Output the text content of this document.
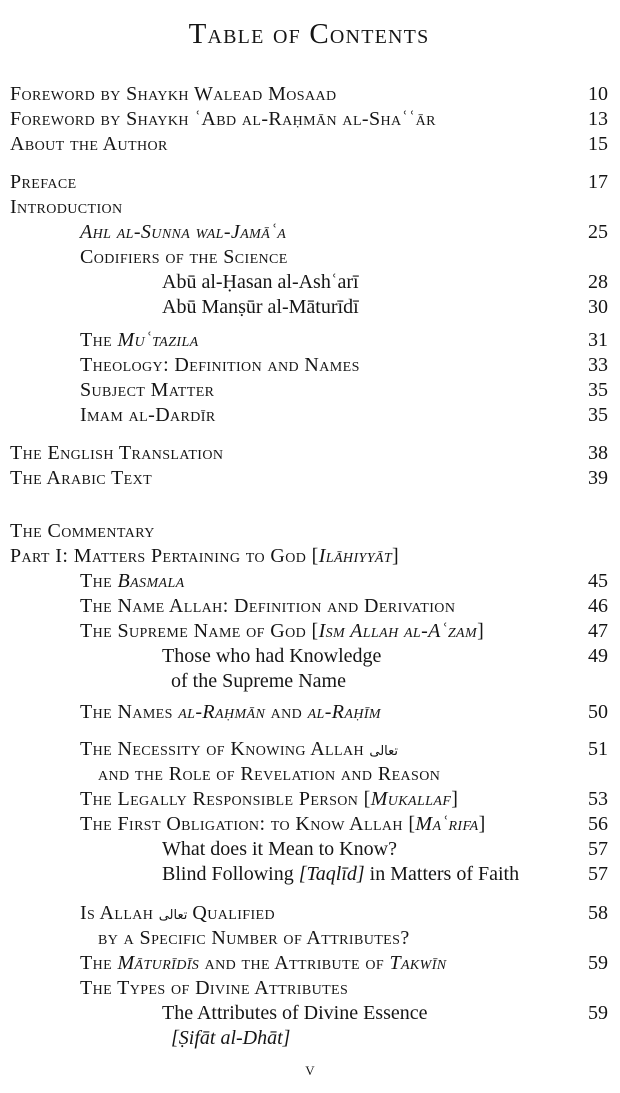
Table of Contents
Foreword by Shaykh Walead Mosaad	10
Foreword by Shaykh ʿAbd al-Raḥmān al-Shaʿʿār	13
About the Author	15
Preface	17
Introduction
Ahl al-Sunna wal-Jamāʿa	25
Codifiers of the Science
Abū al-Ḥasan al-Ashʿarī	28
Abū Manṣūr al-Māturīdī	30
The Muʿtazila	31
Theology: Definition and Names	33
Subject Matter	35
Imam al-Dardīr	35
The English Translation	38
The Arabic Text	39
The Commentary
Part I: Matters Pertaining to God [Ilāhiyyāt]
The Basmala	45
The Name Allah: Definition and Derivation	46
The Supreme Name of God [Ism Allah al-Aʿzam]	47
Those who had Knowledge	49
of the Supreme Name
The Names al-Raḥmān and al-Raḥīm	50
The Necessity of Knowing Allah تعالى	51
and the Role of Revelation and Reason
The Legally Responsible Person [Mukallaf]	53
The First Obligation: to Know Allah [Maʿrifa]	56
What does it Mean to Know?	57
Blind Following [Taqlīd] in Matters of Faith	57
Is Allah تعالى Qualified	58
by a Specific Number of Attributes?
The Māturīdīs and the Attribute of Takwīn	59
The Types of Divine Attributes
The Attributes of Divine Essence	59
[Ṣifāt al-Dhāt]
v
